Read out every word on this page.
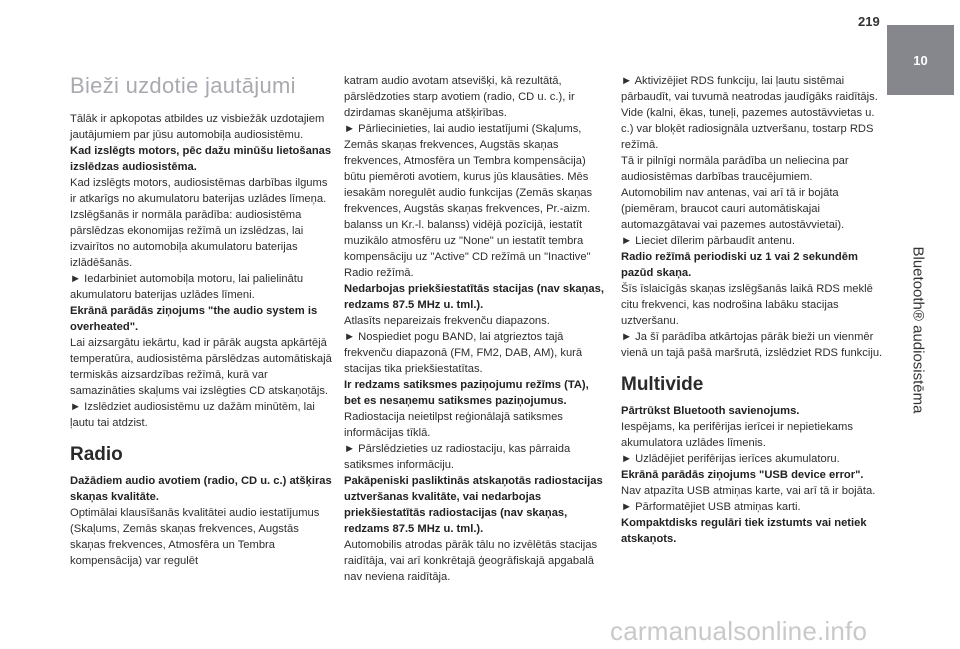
219
10
Bluetooth® audiosistēma
Bieži uzdotie jautājumi

Tālāk ir apkopotas atbildes uz visbiežāk uzdotajiem jautājumiem par jūsu automobiļa audiosistēmu.

Kad izslēgts motors, pēc dažu minūšu lietošanas izslēdzas audiosistēma.

Kad izslēgts motors, audiosistēmas darbības ilgums ir atkarīgs no akumulatoru baterijas uzlādes līmeņa.

Izslēgšanās ir normāla parādība: audiosistēma pārslēdzas ekonomijas režīmā un izslēdzas, lai izvairītos no automobiļa akumulatoru baterijas izlādēšanās.

► Iedarbiniet automobiļa motoru, lai palielinātu akumulatoru baterijas uzlādes līmeni.

Ekrānā parādās ziņojums "the audio system is overheated".

Lai aizsargātu iekārtu, kad ir pārāk augsta apkārtējā temperatūra, audiosistēma pārslēdzas automātiskajā termiskās aizsardzības režīmā, kurā var samazināties skaļums vai izslēgties CD atskaņotājs.

► Izslēdziet audiosistēmu uz dažām minūtēm, lai ļautu tai atdzist.

Radio

Dažādiem audio avotiem (radio, CD u. c.) atšķiras skaņas kvalitāte.

Optimālai klausīšanās kvalitātei audio iestatījumus (Skaļums, Zemās skaņas frekvences, Augstās skaņas frekvences, Atmosfēra un Tembra kompensācija) var regulēt

katram audio avotam atsevišķi, kā rezultātā, pārslēdzoties starp avotiem (radio, CD u. c.), ir dzirdamas skanējuma atšķirības.

► Pārliecinieties, lai audio iestatījumi (Skaļums, Zemās skaņas frekvences, Augstās skaņas frekvences, Atmosfēra un Tembra kompensācija) būtu piemēroti avotiem, kurus jūs klausāties. Mēs iesakām noregulēt audio funkcijas (Zemās skaņas frekvences, Augstās skaņas frekvences, Pr.-aizm. balanss un Kr.-l. balanss) vidējā pozīcijā, iestatīt muzikālo atmosfēru uz "None" un iestatīt tembra kompensāciju uz "Active" CD režīmā un "Inactive" Radio režīmā.

Nedarbojas priekšiestatītās stacijas (nav skaņas, redzams 87.5 MHz u. tml.).

Atlasīts nepareizais frekvenču diapazons.

► Nospiediet pogu BAND, lai atgrieztos tajā frekvenču diapazonā (FM, FM2, DAB, AM), kurā stacijas tika priekšiestatītas.

Ir redzams satiksmes paziņojumu režīms (TA), bet es nesaņemu satiksmes paziņojumus.

Radiostacija neietilpst reģionālajā satiksmes informācijas tīklā.

► Pārslēdzieties uz radiostaciju, kas pārraida satiksmes informāciju.

Pakāpeniski pasliktinās atskaņotās radiostacijas uztveršanas kvalitāte, vai nedarbojas priekšiestatītās radiostacijas (nav skaņas, redzams 87.5 MHz u. tml.).

Automobilis atrodas pārāk tālu no izvēlētās stacijas raidītāja, vai arī konkrētajā ģeogrāfiskajā apgabalā nav neviena raidītāja.

► Aktivizējiet RDS funkciju, lai ļautu sistēmai pārbaudīt, vai tuvumā neatrodas jaudīgāks raidītājs.

Vide (kalni, ēkas, tuneļi, pazemes autostāvvietas u. c.) var bloķēt radiosignāla uztveršanu, tostarp RDS režīmā.

Tā ir pilnīgi normāla parādība un neliecina par audiosistēmas darbības traucējumiem.

Automobilim nav antenas, vai arī tā ir bojāta (piemēram, braucot cauri automātiskajai automazgātavai vai pazemes autostāvvietai).

► Lieciet dīlerim pārbaudīt antenu.

Radio režīmā periodiski uz 1 vai 2 sekundēm pazūd skaņa.

Šīs īslaicīgās skaņas izslēgšanās laikā RDS meklē citu frekvenci, kas nodrošina labāku stacijas uztveršanu.

► Ja šī parādība atkārtojas pārāk bieži un vienmēr vienā un tajā pašā maršrutā, izslēdziet RDS funkciju.

Multivide

Pārtrūkst Bluetooth savienojums.

Iespējams, ka perifērijas ierīcei ir nepietiekams akumulatora uzlādes līmenis.

► Uzlādējiet perifērijas ierīces akumulatoru.

Ekrānā parādās ziņojums "USB device error".

Nav atpazīta USB atmiņas karte, vai arī tā ir bojāta.

► Pārformatējiet USB atmiņas karti.

Kompaktdisks regulāri tiek izstumts vai netiek atskaņots.

carmanualsonline.info
